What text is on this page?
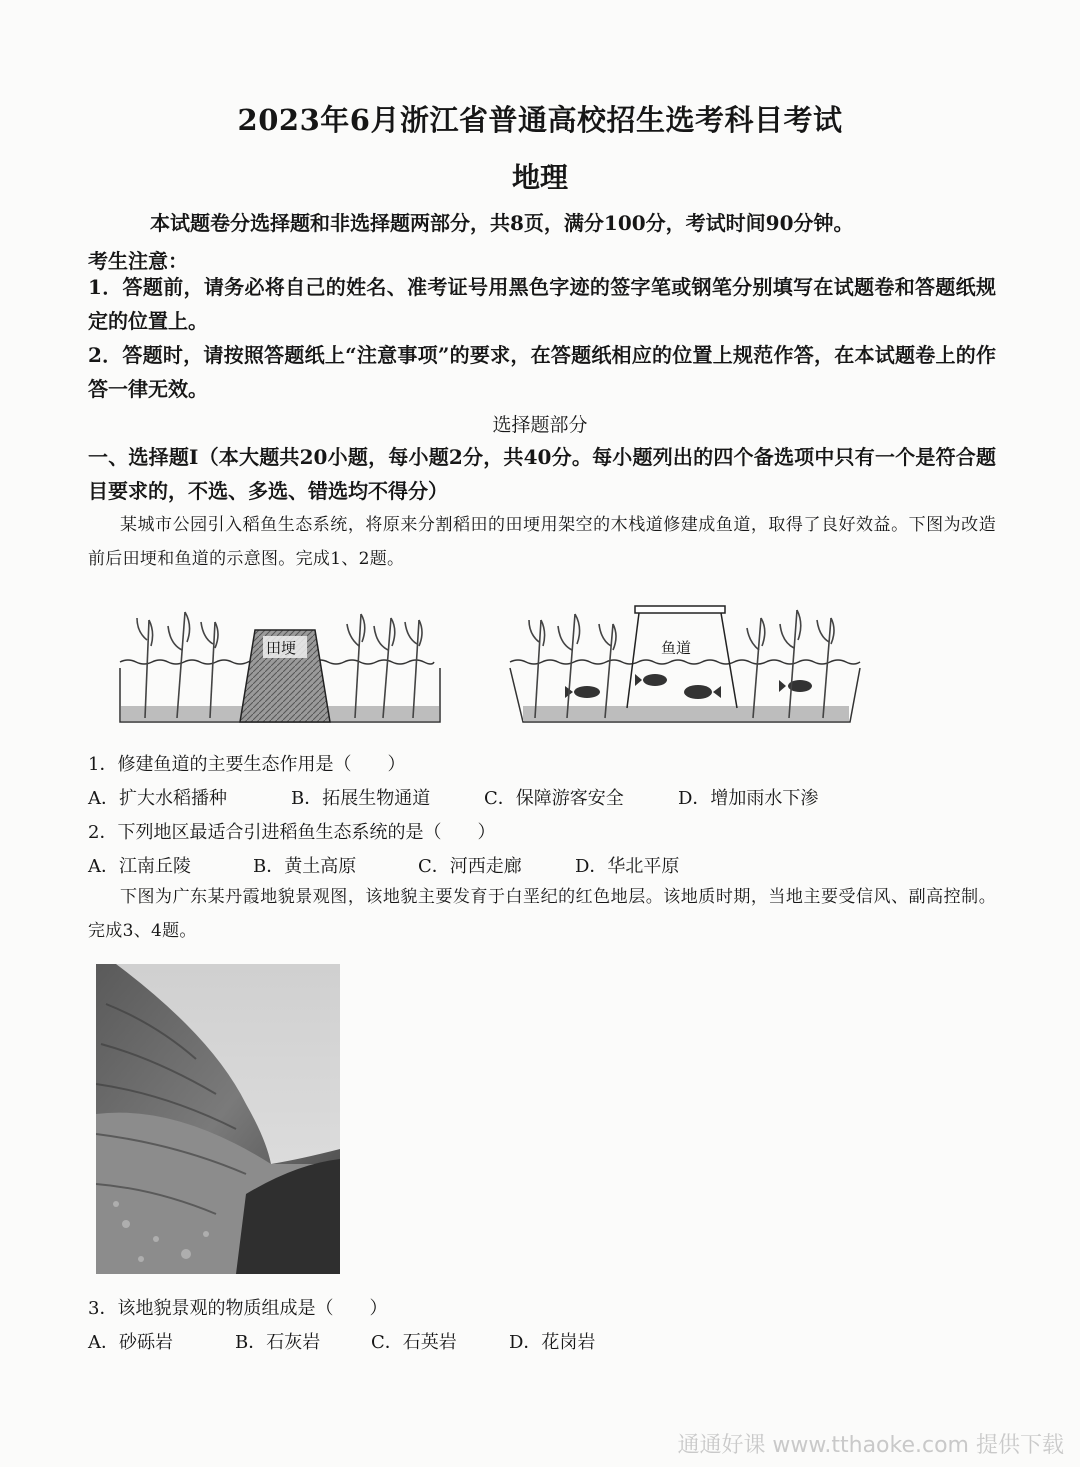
2023年6月浙江省普通高校招生选考科目考试
地理
本试题卷分选择题和非选择题两部分，共8页，满分100分，考试时间90分钟。
考生注意：
1．答题前，请务必将自己的姓名、准考证号用黑色字迹的签字笔或钢笔分别填写在试题卷和答题纸规定的位置上。
2．答题时，请按照答题纸上“注意事项”的要求，在答题纸相应的位置上规范作答，在本试题卷上的作答一律无效。
选择题部分
一、选择题Ⅰ（本大题共20小题，每小题2分，共40分。每小题列出的四个备选项中只有一个是符合题目要求的，不选、多选、错选均不得分）
某城市公园引入稻鱼生态系统，将原来分割稻田的田埂用架空的木栈道修建成鱼道，取得了良好效益。下图为改造前后田埂和鱼道的示意图。完成1、2题。
田埂	鱼道
1．修建鱼道的主要生态作用是（　　）
A．扩大水稻播种	B．拓展生物通道	C．保障游客安全	D．增加雨水下渗
2．下列地区最适合引进稻鱼生态系统的是（　　）
A．江南丘陵	B．黄土高原	C．河西走廊	D．华北平原
下图为广东某丹霞地貌景观图，该地貌主要发育于白垩纪的红色地层。该地质时期，当地主要受信风、副高控制。完成3、4题。
3．该地貌景观的物质组成是（　　）
A．砂砾岩	B．石灰岩	C．石英岩	D．花岗岩
通通好课 www.tthaoke.com 提供下载
